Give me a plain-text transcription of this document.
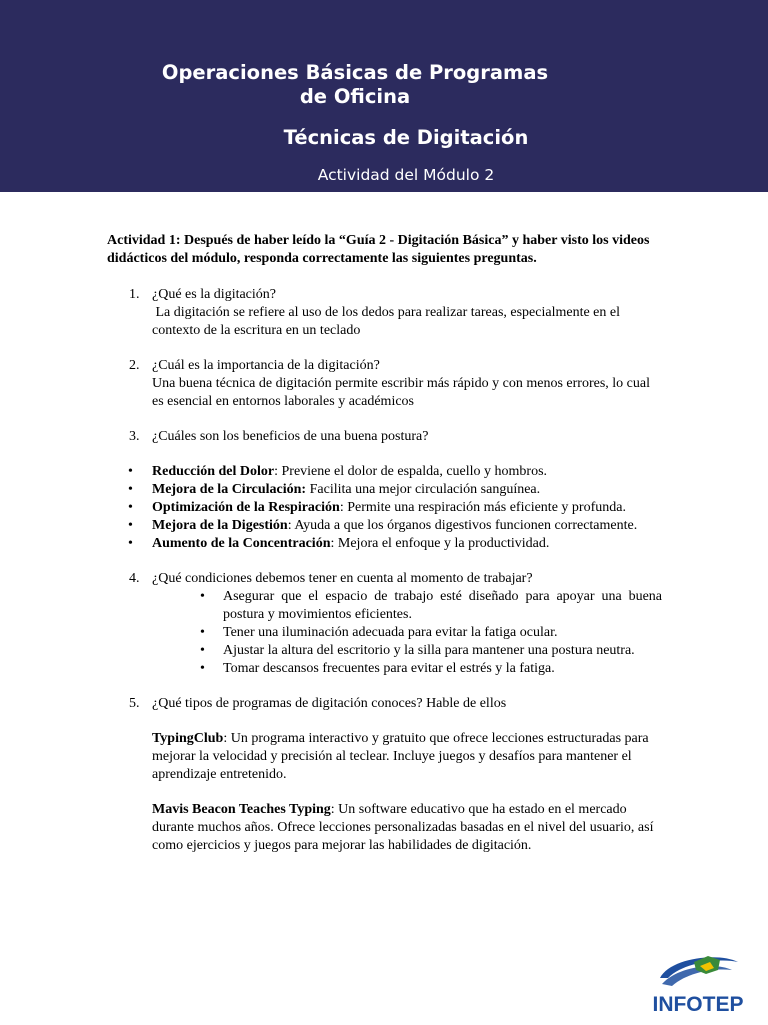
Operaciones Básicas de Programas de Oficina
Técnicas de Digitación
Actividad del Módulo 2

Actividad 1: Después de haber leído la “Guía 2 - Digitación Básica” y haber visto los videos didácticos del módulo, responda correctamente las siguientes preguntas.

1. ¿Qué es la digitación?
La digitación se refiere al uso de los dedos para realizar tareas, especialmente en el contexto de la escritura en un teclado
2. ¿Cuál es la importancia de la digitación?
Una buena técnica de digitación permite escribir más rápido y con menos errores, lo cual es esencial en entornos laborales y académicos
3. ¿Cuáles son los beneficios de una buena postura?
• Reducción del Dolor: Previene el dolor de espalda, cuello y hombros.
• Mejora de la Circulación: Facilita una mejor circulación sanguínea.
• Optimización de la Respiración: Permite una respiración más eficiente y profunda.
• Mejora de la Digestión: Ayuda a que los órganos digestivos funcionen correctamente.
• Aumento de la Concentración: Mejora el enfoque y la productividad.
4. ¿Qué condiciones debemos tener en cuenta al momento de trabajar?
• Asegurar que el espacio de trabajo esté diseñado para apoyar una buena postura y movimientos eficientes.
• Tener una iluminación adecuada para evitar la fatiga ocular.
• Ajustar la altura del escritorio y la silla para mantener una postura neutra.
• Tomar descansos frecuentes para evitar el estrés y la fatiga.
5. ¿Qué tipos de programas de digitación conoces? Hable de ellos
TypingClub: Un programa interactivo y gratuito que ofrece lecciones estructuradas para mejorar la velocidad y precisión al teclear. Incluye juegos y desafíos para mantener el aprendizaje entretenido.
Mavis Beacon Teaches Typing: Un software educativo que ha estado en el mercado durante muchos años. Ofrece lecciones personalizadas basadas en el nivel del usuario, así como ejercicios y juegos para mejorar las habilidades de digitación.
INFOTEP
